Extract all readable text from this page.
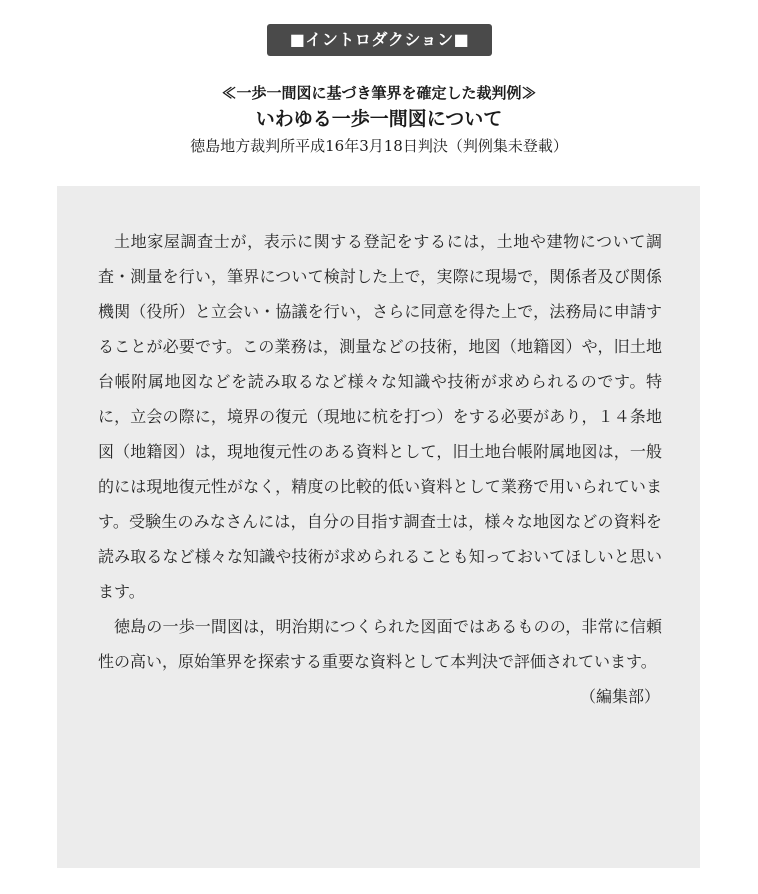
■イントロダクション■
≪一歩一間図に基づき筆界を確定した裁判例≫
いわゆる一歩一間図について
徳島地方裁判所平成16年3月18日判決（判例集未登載）

土地家屋調査士が，表示に関する登記をするには，土地や建物について調査・測量を行い，筆界について検討した上で，実際に現場で，関係者及び関係機関（役所）と立会い・協議を行い，さらに同意を得た上で，法務局に申請することが必要です。この業務は，測量などの技術，地図（地籍図）や，旧土地台帳附属地図などを読み取るなど様々な知識や技術が求められるのです。特に，立会の際に，境界の復元（現地に杭を打つ）をする必要があり，１４条地図（地籍図）は，現地復元性のある資料として，旧土地台帳附属地図は，一般的には現地復元性がなく，精度の比較的低い資料として業務で用いられています。受験生のみなさんには，自分の目指す調査士は，様々な地図などの資料を読み取るなど様々な知識や技術が求められることも知っておいてほしいと思います。

徳島の一歩一間図は，明治期につくられた図面ではあるものの，非常に信頼性の高い，原始筆界を探索する重要な資料として本判決で評価されています。

（編集部）
